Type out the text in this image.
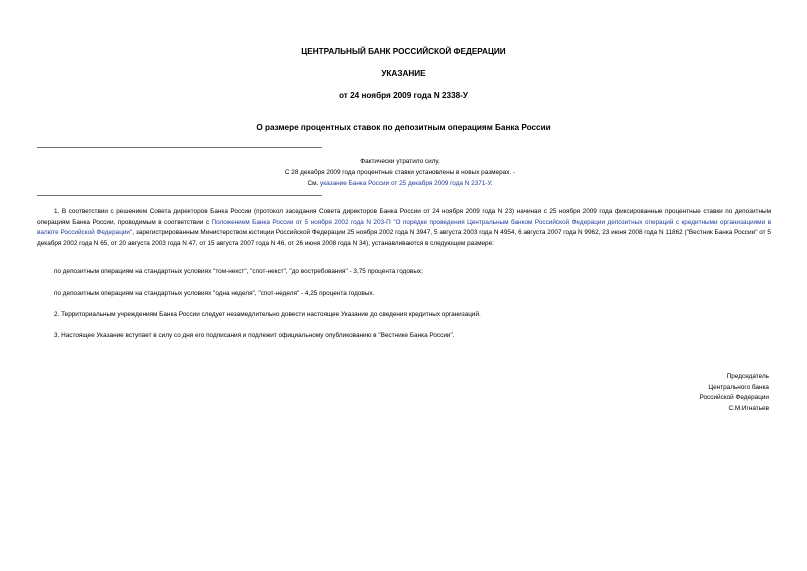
ЦЕНТРАЛЬНЫЙ БАНК РОССИЙСКОЙ ФЕДЕРАЦИИ
УКАЗАНИЕ
от 24 ноября 2009 года N 2338-У
О размере процентных ставок по депозитным операциям Банка России
Фактически утратило силу.
С 28 декабря 2009 года процентные ставки установлены в новых размерах. -
См. указание Банка России от 25 декабря 2009 года N 2371-У.
1. В соответствии с решением Совета директоров Банка России (протокол заседания Совета директоров Банка России от 24 ноября 2009 года N 23) начиная с 25 ноября 2009 года фиксированные процентные ставки по депозитным операциям Банка России, проводимым в соответствии с Положением Банка России от 5 ноября 2002 года N 203-П "О порядке проведения Центральным банком Российской Федерации депозитных операций с кредитными организациями в валюте Российской Федерации", зарегистрированным Министерством юстиции Российской Федерации 25 ноября 2002 года N 3947, 5 августа 2003 года N 4954, 6 августа 2007 года N 9962, 23 июня 2008 года N 11862 ("Вестник Банка России" от 5 декабря 2002 года N 65, от 20 августа 2003 года N 47, от 15 августа 2007 года N 46, от 26 июня 2008 года N 34), устанавливаются в следующем размере:
по депозитным операциям на стандартных условиях "том-некст", "спот-некст", "до востребования" - 3,75 процента годовых;
по депозитным операциям на стандартных условиях "одна неделя", "спот-неделя" - 4,25 процента годовых.
2. Территориальным учреждениям Банка России следует незамедлительно довести настоящее Указание до сведения кредитных организаций.
3. Настоящее Указание вступает в силу со дня его подписания и подлежит официальному опубликованию в "Вестнике Банка России".
Председатель
Центрального банка
Российской Федерации
С.М.Игнатьев
